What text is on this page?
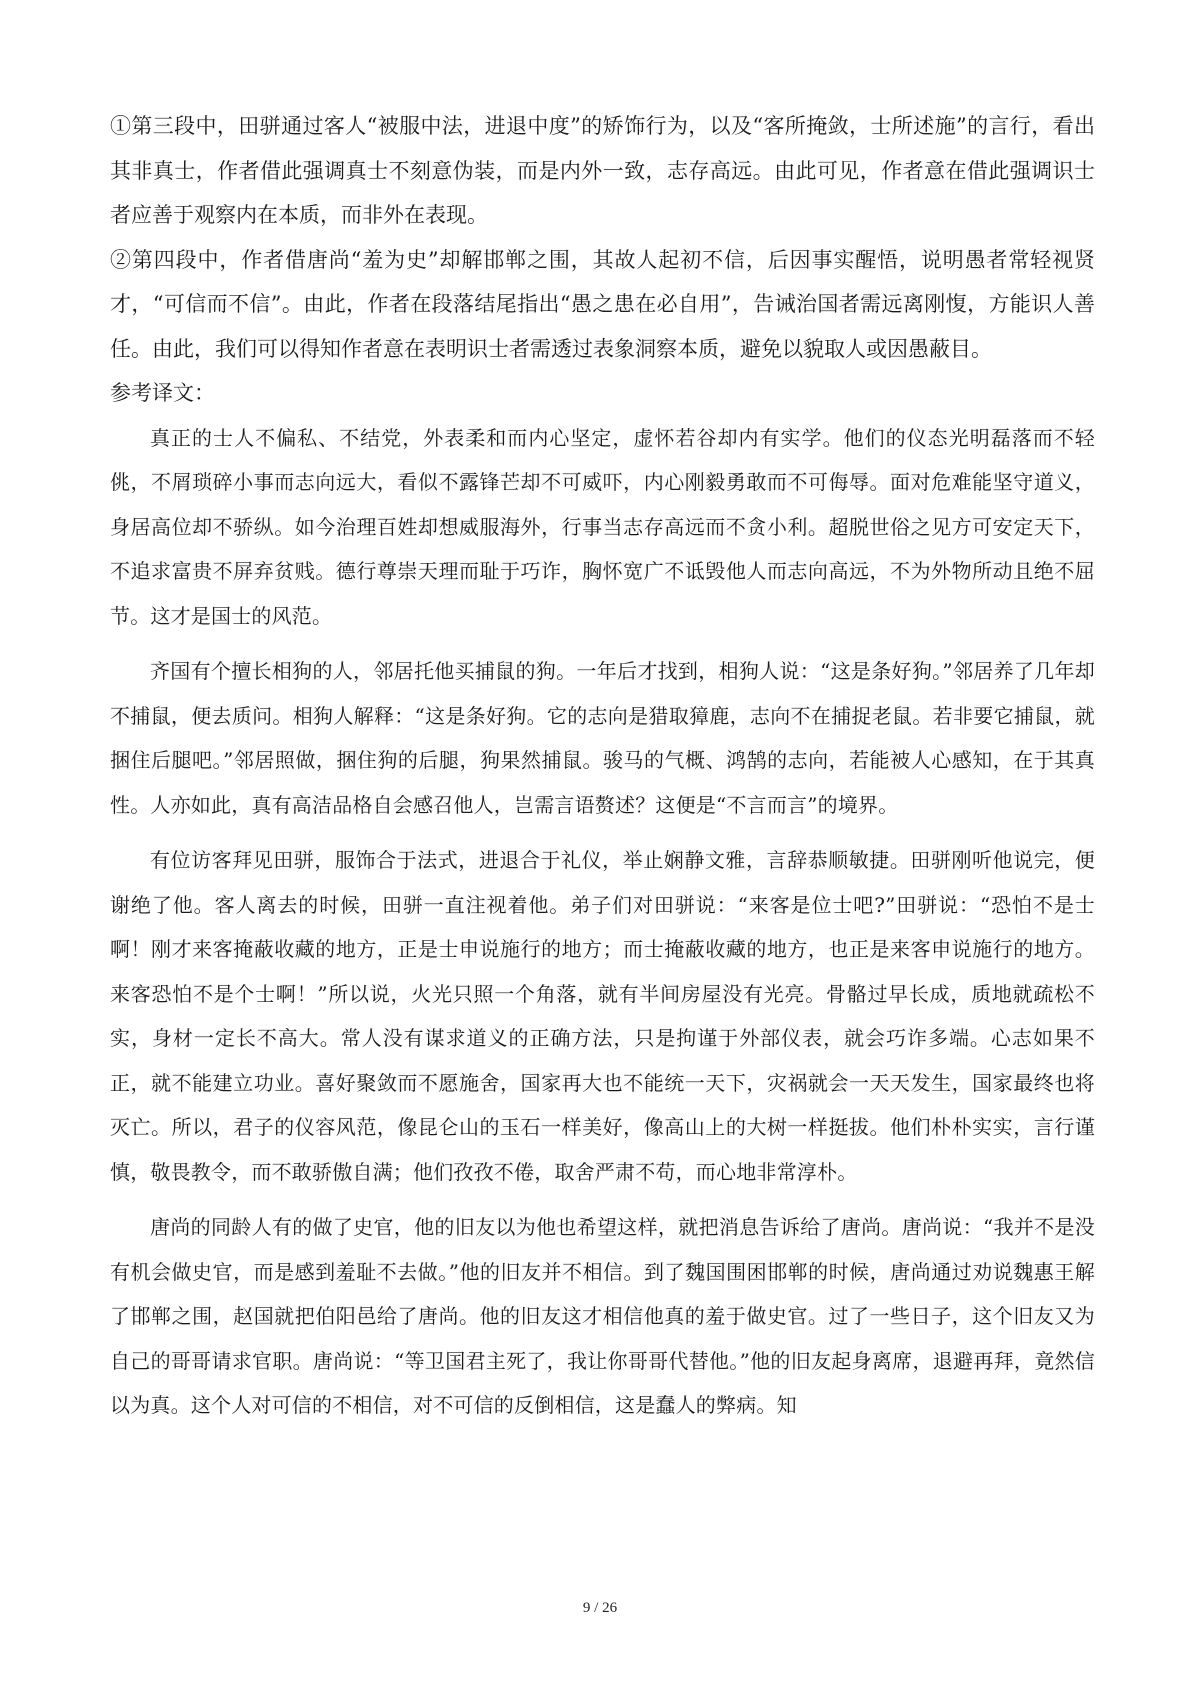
①第三段中，田骈通过客人“被服中法，进退中度”的矫饰行为，以及“客所掩敛，士所述施”的言行，看出其非真士，作者借此强调真士不刻意伪装，而是内外一致，志存高远。由此可见，作者意在借此强调识士者应善于观察内在本质，而非外在表现。

②第四段中，作者借唐尚“羞为史”却解邯郸之围，其故人起初不信，后因事实醒悟，说明愚者常轻视贤才，“可信而不信”。由此，作者在段落结尾指出“愚之患在必自用”，告诫治国者需远离刚愎，方能识人善任。由此，我们可以得知作者意在表明识士者需透过表象洞察本质，避免以貌取人或因愚蔽目。

参考译文：

真正的士人不偏私、不结党，外表柔和而内心坚定，虚怀若谷却内有实学。他们的仪态光明磊落而不轻佻，不屑琐碎小事而志向远大，看似不露锋芒却不可威吓，内心刚毅勇敢而不可侮辱。面对危难能坚守道义，身居高位却不骄纵。如今治理百姓却想威服海外，行事当志存高远而不贪小利。超脱世俗之见方可安定天下，不追求富贵不屏弃贫贱。德行尊崇天理而耻于巧诈，胸怀宽广不诋毁他人而志向高远，不为外物所动且绝不屈节。这才是国士的风范。

齐国有个擅长相狗的人，邻居托他买捕鼠的狗。一年后才找到，相狗人说：“这是条好狗。”邻居养了几年却不捕鼠，便去质问。相狗人解释：“这是条好狗。它的志向是猎取獐鹿，志向不在捕捉老鼠。若非要它捕鼠，就捆住后腿吧。”邻居照做，捆住狗的后腿，狗果然捕鼠。骏马的气概、鸿鹄的志向，若能被人心感知，在于其真性。人亦如此，真有高洁品格自会感召他人，岂需言语赘述？这便是“不言而言”的境界。

有位访客拜见田骈，服饰合于法式，进退合于礼仪，举止娴静文雅，言辞恭顺敏捷。田骈刚听他说完，便谢绝了他。客人离去的时候，田骈一直注视着他。弟子们对田骈说：“来客是位士吧?”田骈说：“恐怕不是士啊！刚才来客掩蔽收藏的地方，正是士申说施行的地方；而士掩蔽收藏的地方，也正是来客申说施行的地方。来客恐怕不是个士啊！”所以说，火光只照一个角落，就有半间房屋没有光亮。骨骼过早长成，质地就疏松不实，身材一定长不高大。常人没有谋求道义的正确方法，只是拘谨于外部仪表，就会巧诈多端。心志如果不正，就不能建立功业。喜好聚敛而不愿施舍，国家再大也不能统一天下，灾祸就会一天天发生，国家最终也将灭亡。所以，君子的仪容风范，像昆仑山的玉石一样美好，像高山上的大树一样挺拔。他们朴朴实实，言行谨慎，敬畏教令，而不敢骄傲自满；他们孜孜不倦，取舍严肃不苟，而心地非常淳朴。

唐尚的同龄人有的做了史官，他的旧友以为他也希望这样，就把消息告诉给了唐尚。唐尚说：“我并不是没有机会做史官，而是感到羞耻不去做。”他的旧友并不相信。到了魏国围困邯郸的时候，唐尚通过劝说魏惠王解了邯郸之围，赵国就把伯阳邑给了唐尚。他的旧友这才相信他真的羞于做史官。过了一些日子，这个旧友又为自己的哥哥请求官职。唐尚说：“等卫国君主死了，我让你哥哥代替他。”他的旧友起身离席，退避再拜，竟然信以为真。这个人对可信的不相信，对不可信的反倒相信，这是蠢人的弊病。知

9 / 26
